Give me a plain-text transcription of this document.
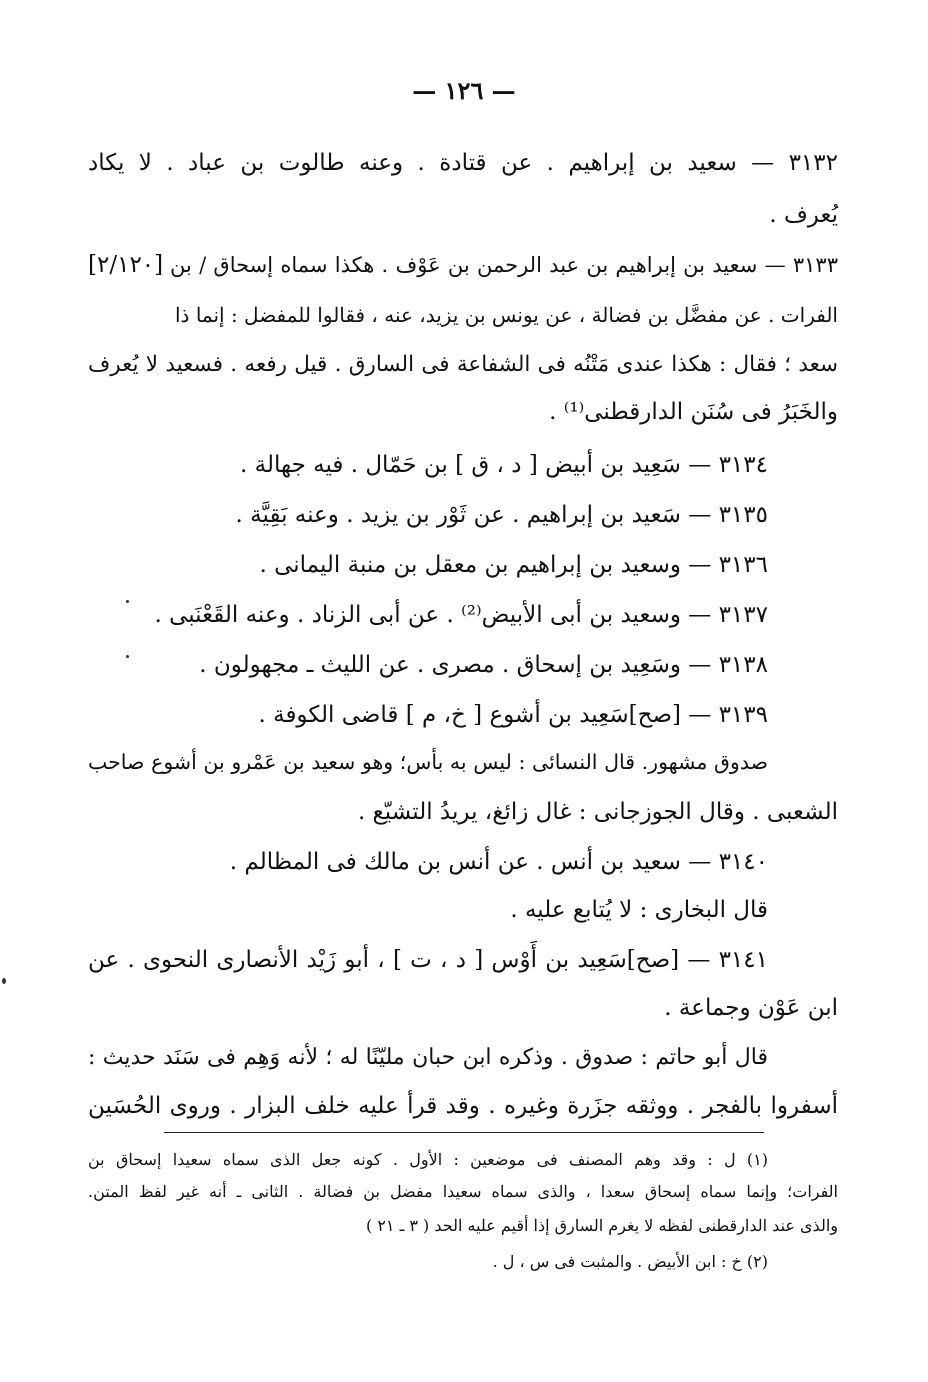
— ١٢٦ —
٣١٣٢ — سعيد بن إبراهيم . عن قتادة . وعنه طالوت بن عباد . لا يكاد
يُعرف .
٣١٣٣ — سعيد بن إبراهيم بن عبد الرحمن بن عَوْف . هكذا سماه إسحاق / بن
[٢/١٢٠]
الفرات . عن مفضَّل بن فضالة ، عن يونس بن يزيد، عنه ، فقالوا للمفضل : إنما ذا
سعد ؛ فقال : هكذا عندى مَتْنُه فى الشفاعة فى السارق . قيل رفعه . فسعيد لا يُعرف
والخَبَرُ فى سُنَن الدارقطنى⁽¹⁾ .
٣١٣٤ — سَعِيد بن أبيض [ د ، ق ] بن حَمّال . فيه جهالة .
٣١٣٥ — سَعيد بن إبراهيم . عن ثَوْر بن يزيد . وعنه بَقِيَّة .
٣١٣٦ — وسعيد بن إبراهيم بن معقل بن منبة اليمانى .
٣١٣٧ — وسعيد بن أبى الأبيض⁽²⁾ . عن أبى الزناد . وعنه القَعْنَبى .
٣١٣٨ — وسَعِيد بن إسحاق . مصرى . عن الليث ـ مجهولون .
٣١٣٩ — [صح]سَعِيد بن أشوع [ خ، م ] قاضى الكوفة .
صدوق مشهور. قال النسائى : ليس به بأس؛ وهو سعيد بن عَمْرو بن أشوع صاحب
الشعبى . وقال الجوزجانى : غال زائغ، يريدُ التشيّع .
٣١٤٠ — سعيد بن أنس . عن أنس بن مالك فى المظالم .
قال البخارى : لا يُتابع عليه .
٣١٤١ — [صح]سَعِيد بن أَوْس [ د ، ت ] ، أبو زَيْد الأنصارى النحوى . عن
ابن عَوْن وجماعة .
قال أبو حاتم : صدوق . وذكره ابن حبان مليّنًا له ؛ لأنه وَهِم فى سَنَد حديث :
أسفروا بالفجر . ووثقه جزَرة وغيره . وقد قرأ عليه خلف البزار . وروى الحُسَين
(١) ل : وقد وهم المصنف فى موضعين : الأول . كونه جعل الذى سماه سعيدا إسحاق بن
الفرات؛ وإنما سماه إسحاق سعدا ، والذى سماه سعيدا مفضل بن فضالة . الثانى ـ أنه غير لفظ المتن.
والذى عند الدارقطنى لفظه لا يغرم السارق إذا أقيم عليه الحد ( ٣ ـ ٢١ )
(٢) خ : ابن الأبيض . والمثبت فى س ، ل .
